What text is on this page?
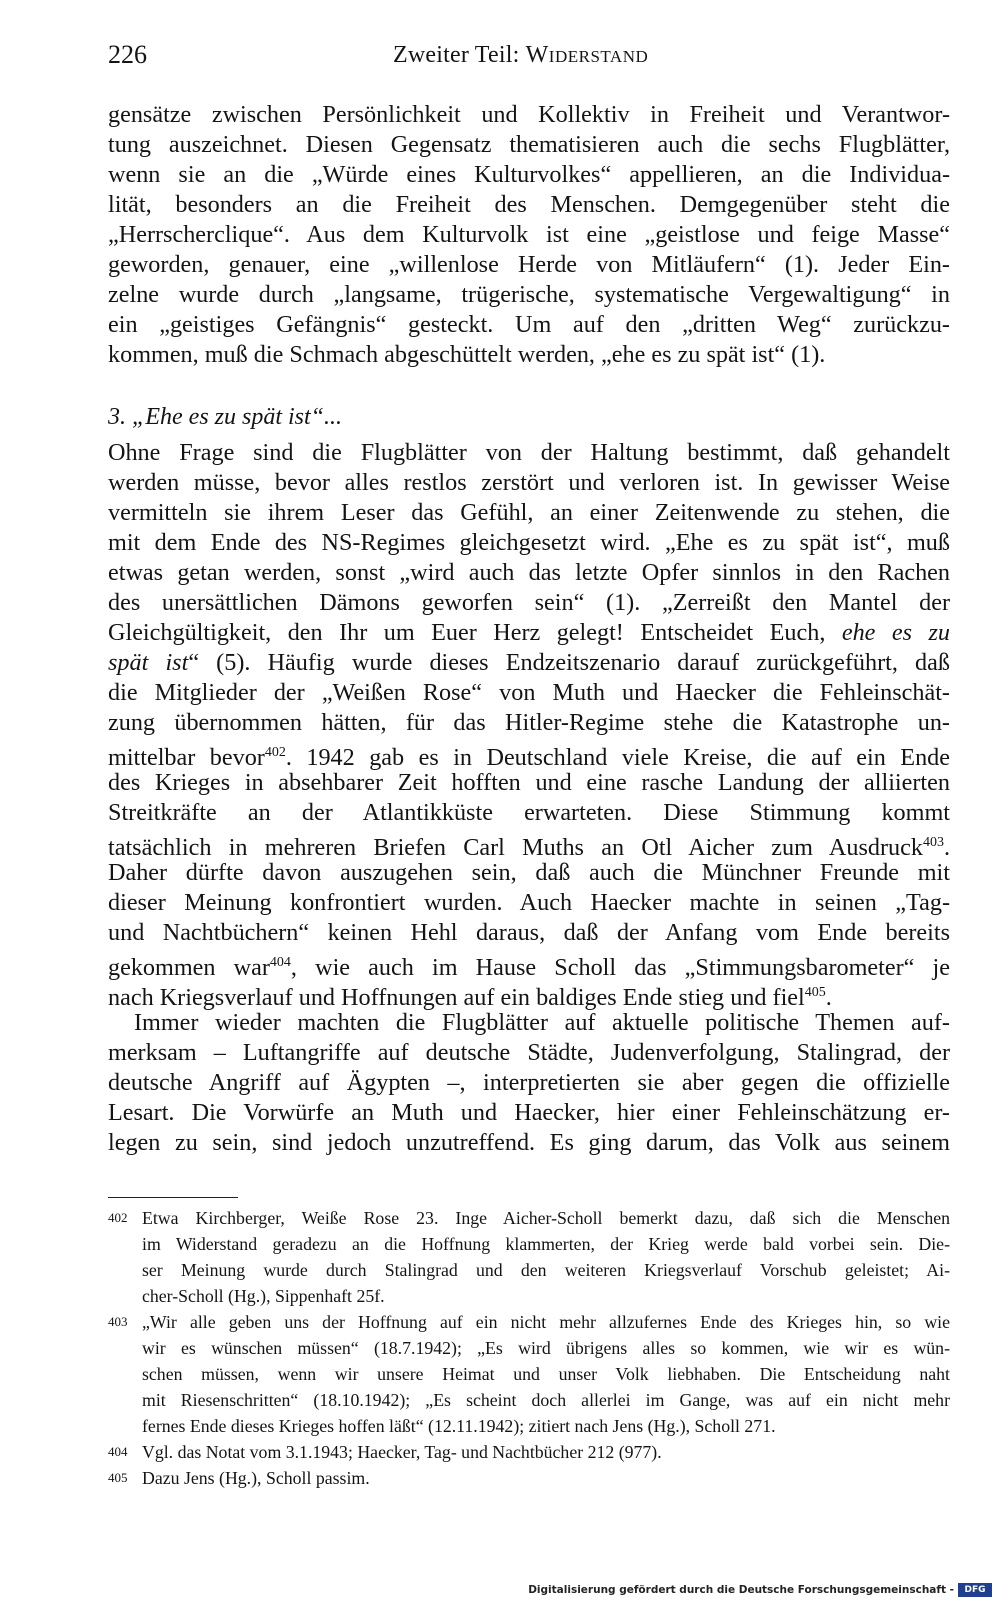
226	Zweiter Teil: Widerstand
gensätze zwischen Persönlichkeit und Kollektiv in Freiheit und Verantwor-
tung auszeichnet. Diesen Gegensatz thematisieren auch die sechs Flugblätter,
wenn sie an die „Würde eines Kulturvolkes“ appellieren, an die Individua-
lität, besonders an die Freiheit des Menschen. Demgegenüber steht die
„Herrscherclique“. Aus dem Kulturvolk ist eine „geistlose und feige Masse“
geworden, genauer, eine „willenlose Herde von Mitläufern“ (1). Jeder Ein-
zelne wurde durch „langsame, trügerische, systematische Vergewaltigung“ in
ein „geistiges Gefängnis“ gesteckt. Um auf den „dritten Weg“ zurückzu-
kommen, muß die Schmach abgeschüttelt werden, „ehe es zu spät ist“ (1).
3. „Ehe es zu spät ist“...
Ohne Frage sind die Flugblätter von der Haltung bestimmt, daß gehandelt
werden müsse, bevor alles restlos zerstört und verloren ist. In gewisser Weise
vermitteln sie ihrem Leser das Gefühl, an einer Zeitenwende zu stehen, die
mit dem Ende des NS-Regimes gleichgesetzt wird. „Ehe es zu spät ist“, muß
etwas getan werden, sonst „wird auch das letzte Opfer sinnlos in den Rachen
des unersättlichen Dämons geworfen sein“ (1). „Zerreißt den Mantel der
Gleichgültigkeit, den Ihr um Euer Herz gelegt! Entscheidet Euch, ehe es zu
spät ist“ (5). Häufig wurde dieses Endzeitszenario darauf zurückgeführt, daß
die Mitglieder der „Weißen Rose“ von Muth und Haecker die Fehleinschät-
zung übernommen hätten, für das Hitler-Regime stehe die Katastrophe un-
mittelbar bevor$^{402}$. 1942 gab es in Deutschland viele Kreise, die auf ein Ende
des Krieges in absehbarer Zeit hofften und eine rasche Landung der alliierten
Streitkräfte an der Atlantikküste erwarteten. Diese Stimmung kommt
tatsächlich in mehreren Briefen Carl Muths an Otl Aicher zum Ausdruck$^{403}$.
Daher dürfte davon auszugehen sein, daß auch die Münchner Freunde mit
dieser Meinung konfrontiert wurden. Auch Haecker machte in seinen „Tag-
und Nachtbüchern“ keinen Hehl daraus, daß der Anfang vom Ende bereits
gekommen war$^{404}$, wie auch im Hause Scholl das „Stimmungsbarometer“ je
nach Kriegsverlauf und Hoffnungen auf ein baldiges Ende stieg und fiel$^{405}$.
Immer wieder machten die Flugblätter auf aktuelle politische Themen auf-
merksam – Luftangriffe auf deutsche Städte, Judenverfolgung, Stalingrad, der
deutsche Angriff auf Ägypten –, interpretierten sie aber gegen die offizielle
Lesart. Die Vorwürfe an Muth und Haecker, hier einer Fehleinschätzung er-
legen zu sein, sind jedoch unzutreffend. Es ging darum, das Volk aus seinem
402 Etwa Kirchberger, Weiße Rose 23. Inge Aicher-Scholl bemerkt dazu, daß sich die Menschen
im Widerstand geradezu an die Hoffnung klammerten, der Krieg werde bald vorbei sein. Die-
ser Meinung wurde durch Stalingrad und den weiteren Kriegsverlauf Vorschub geleistet; Ai-
cher-Scholl (Hg.), Sippenhaft 25f.
403 „Wir alle geben uns der Hoffnung auf ein nicht mehr allzufernes Ende des Krieges hin, so wie
wir es wünschen müssen“ (18.7.1942); „Es wird übrigens alles so kommen, wie wir es wün-
schen müssen, wenn wir unsere Heimat und unser Volk liebhaben. Die Entscheidung naht
mit Riesenschritten“ (18.10.1942); „Es scheint doch allerlei im Gange, was auf ein nicht mehr
fernes Ende dieses Krieges hoffen läßt“ (12.11.1942); zitiert nach Jens (Hg.), Scholl 271.
404 Vgl. das Notat vom 3.1.1943; Haecker, Tag- und Nachtbücher 212 (977).
405 Dazu Jens (Hg.), Scholl passim.
Digitalisierung gefördert durch die Deutsche Forschungsgemeinschaft -	DFG
